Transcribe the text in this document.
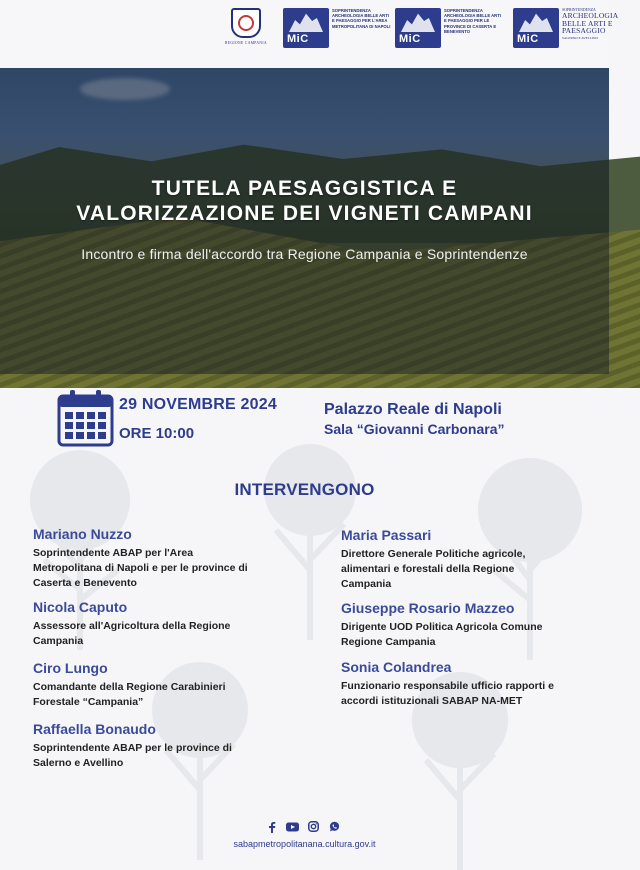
REGIONE CAMPANIA MiC
SOPRINTENDENZA ARCHEOLOGIA BELLE ARTI E PAESAGGIO PER L'AREA METROPOLITANA DI NAPOLI
MiC
SOPRINTENDENZA ARCHEOLOGIA BELLE ARTI E PAESAGGIO PER LE PROVINCE DI CASERTA E BENEVENTO
MiC
SOPRINTENDENZA
ARCHEOLOGIA BELLE ARTI E PAESAGGIO
SALERNO E AVELLINO
TUTELA PAESAGGISTICA E
VALORIZZAZIONE DEI VIGNETI CAMPANI
Incontro e firma dell'accordo tra Regione Campania e Soprintendenze
29 NOVEMBRE 2024
ORE 10:00
Palazzo Reale di Napoli
Sala “Giovanni Carbonara”
INTERVENGONO
Mariano Nuzzo
Soprintendente ABAP per l'Area Metropolitana di Napoli e per le province di Caserta e Benevento
Nicola Caputo
Assessore all'Agricoltura della Regione Campania
Ciro Lungo
Comandante della Regione Carabinieri Forestale “Campania”
Raffaella Bonaudo
Soprintendente ABAP per le province di Salerno e Avellino
Maria Passari
Direttore Generale Politiche agricole, alimentari e forestali della Regione Campania
Giuseppe Rosario Mazzeo
Dirigente UOD Politica Agricola Comune Regione Campania
Sonia Colandrea
Funzionario responsabile ufficio rapporti e accordi istituzionali SABAP NA-MET
sabapmetropolitanana.cultura.gov.it
